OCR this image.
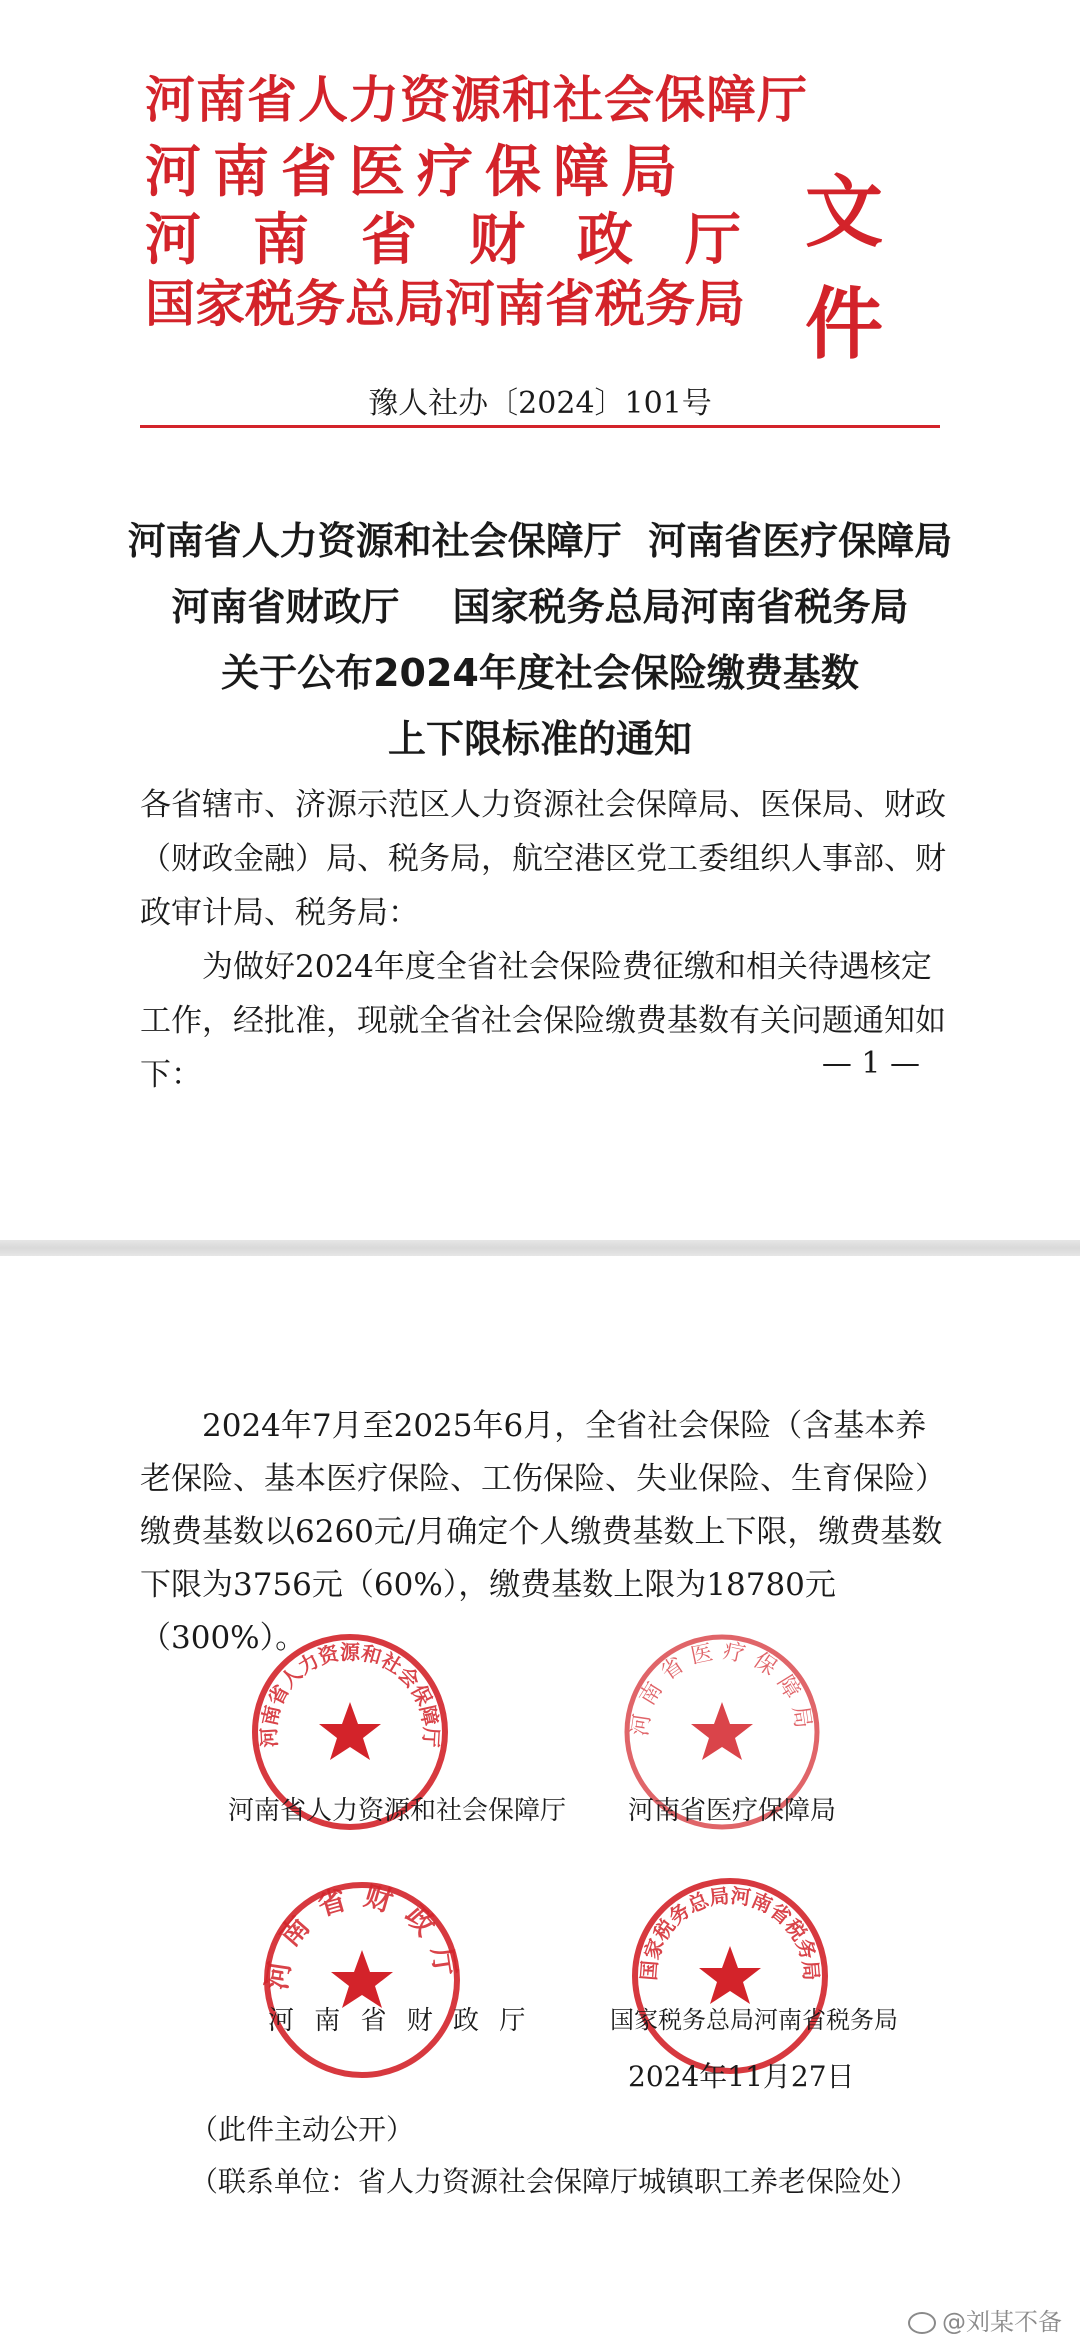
河南省人力资源和社会保障厅
河南省医疗保障局
河南省财政厅
国家税务总局河南省税务局
文件
豫人社办〔2024〕101号
河南省人力资源和社会保障厅  河南省医疗保障局
河南省财政厅    国家税务总局河南省税务局
关于公布2024年度社会保险缴费基数
上下限标准的通知
各省辖市、济源示范区人力资源社会保障局、医保局、财政（财政金融）局、税务局，航空港区党工委组织人事部、财政审计局、税务局：
为做好2024年度全省社会保险费征缴和相关待遇核定工作，经批准，现就全省社会保险缴费基数有关问题通知如下：	— 1 —
2024年7月至2025年6月，全省社会保险（含基本养老保险、基本医疗保险、工伤保险、失业保险、生育保险）缴费基数以6260元/月确定个人缴费基数上下限，缴费基数下限为3756元（60%），缴费基数上限为18780元（300%）。
河南省人力资源和社会保障厅
河南省人力资源和社会保障厅
河南省医疗保障局
河南省医疗保障局
河南省财政厅
河 南 省 财 政 厅
国家税务总局河南省税务局
国家税务总局河南省税务局
2024年11月27日
（此件主动公开）
（联系单位：省人力资源社会保障厅城镇职工养老保险处）
@刘某不备
